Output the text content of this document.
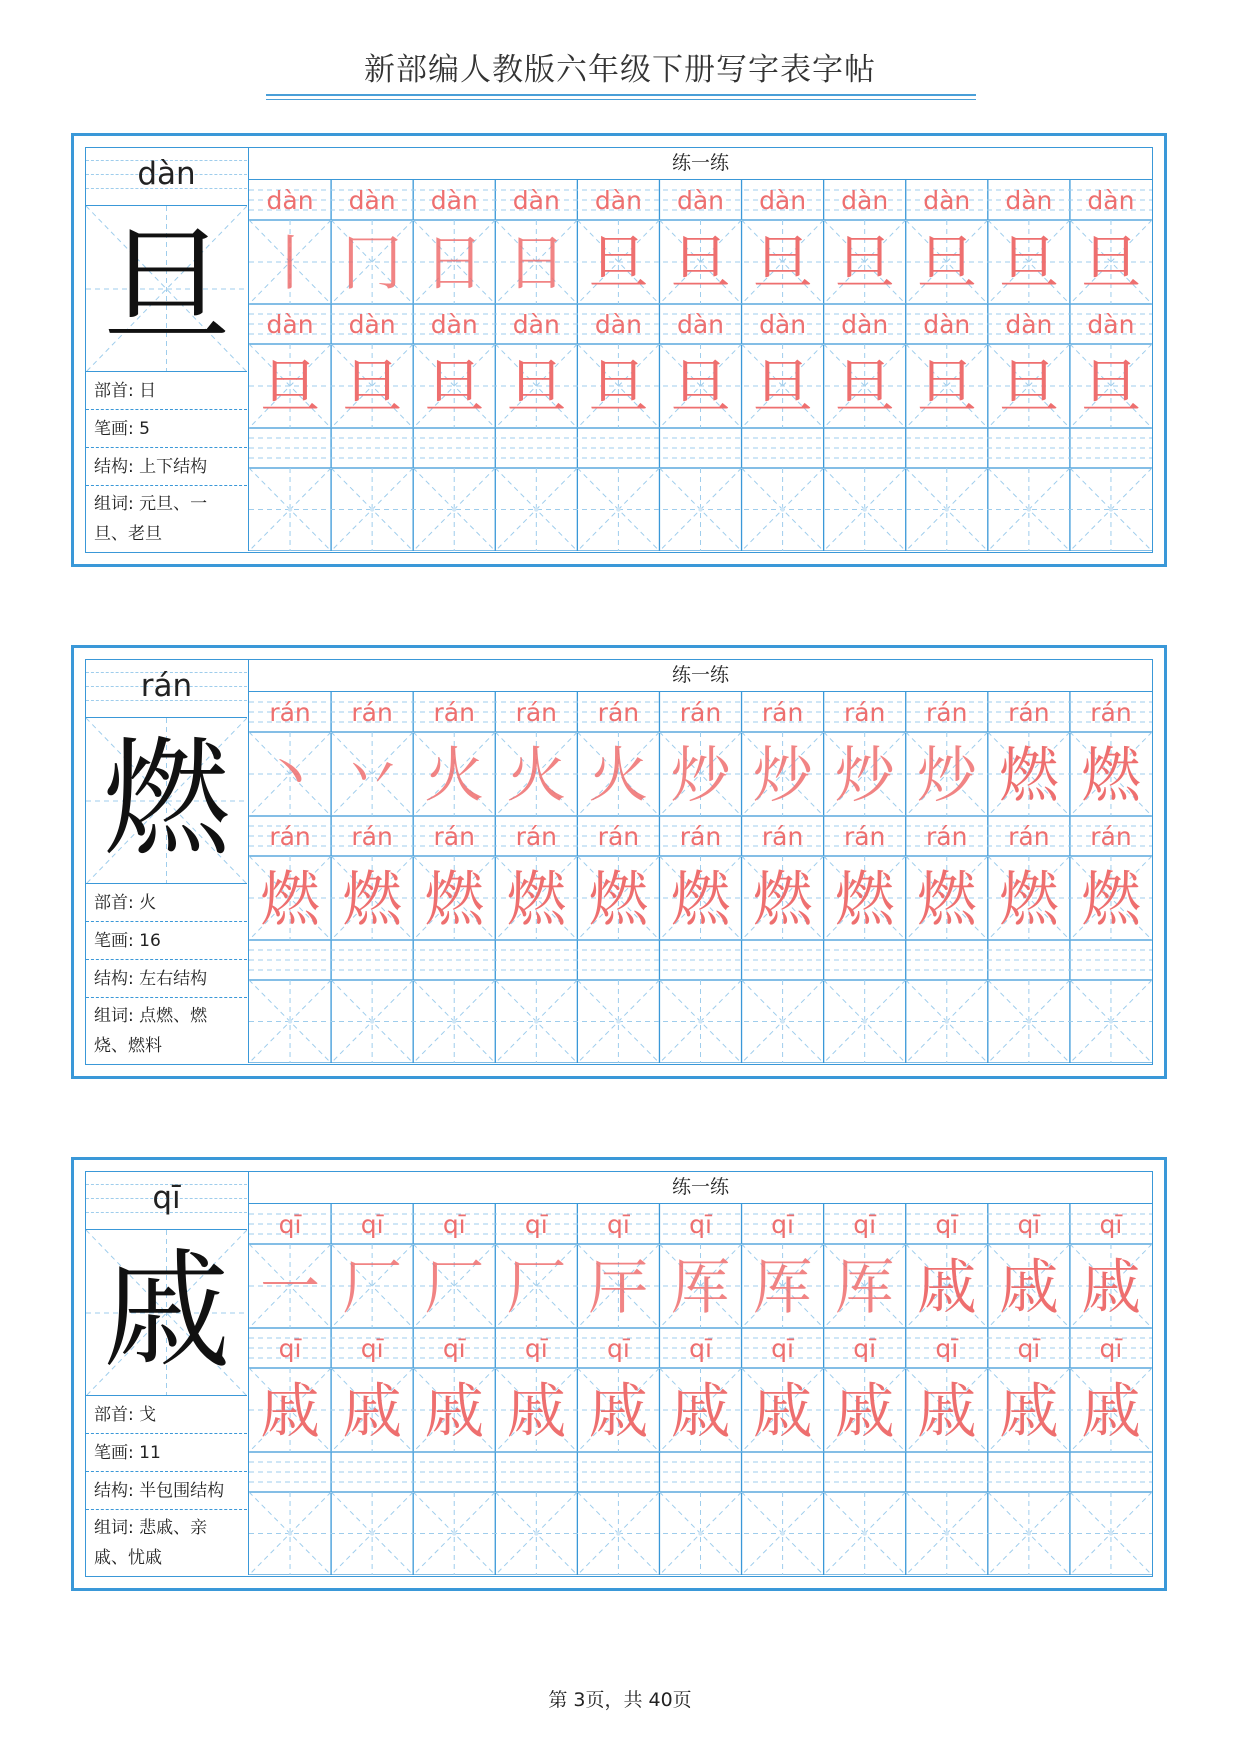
新部编人教版六年级下册写字表字帖
dàn
旦
部首: 日
笔画: 5
结构: 上下结构
组词: 元旦、一旦、老旦
练一练
dàn dàn dàn dàn dàn dàn dàn dàn dàn dàn dàn
丨 冂 日 日 旦 旦 旦 旦 旦 旦 旦
dàn dàn dàn dàn dàn dàn dàn dàn dàn dàn dàn
旦 旦 旦 旦 旦 旦 旦 旦 旦 旦 旦
rán
燃
部首: 火
笔画: 16
结构: 左右结构
组词: 点燃、燃烧、燃料
练一练
rán rán rán rán rán rán rán rán rán rán rán
丶 丷 火 火 火 炒 炒 炒 炒 燃 燃
rán rán rán rán rán rán rán rán rán rán rán
燃 燃 燃 燃 燃 燃 燃 燃 燃 燃 燃
qī
戚
部首: 戈
笔画: 11
结构: 半包围结构
组词: 悲戚、亲戚、忧戚
练一练
qī qī qī qī qī qī qī qī qī qī qī
一 厂 厂 厂 厈 厍 厍 厍 戚 戚 戚
qī qī qī qī qī qī qī qī qī qī qī
戚 戚 戚 戚 戚 戚 戚 戚 戚 戚 戚
第 3页，共 40页
